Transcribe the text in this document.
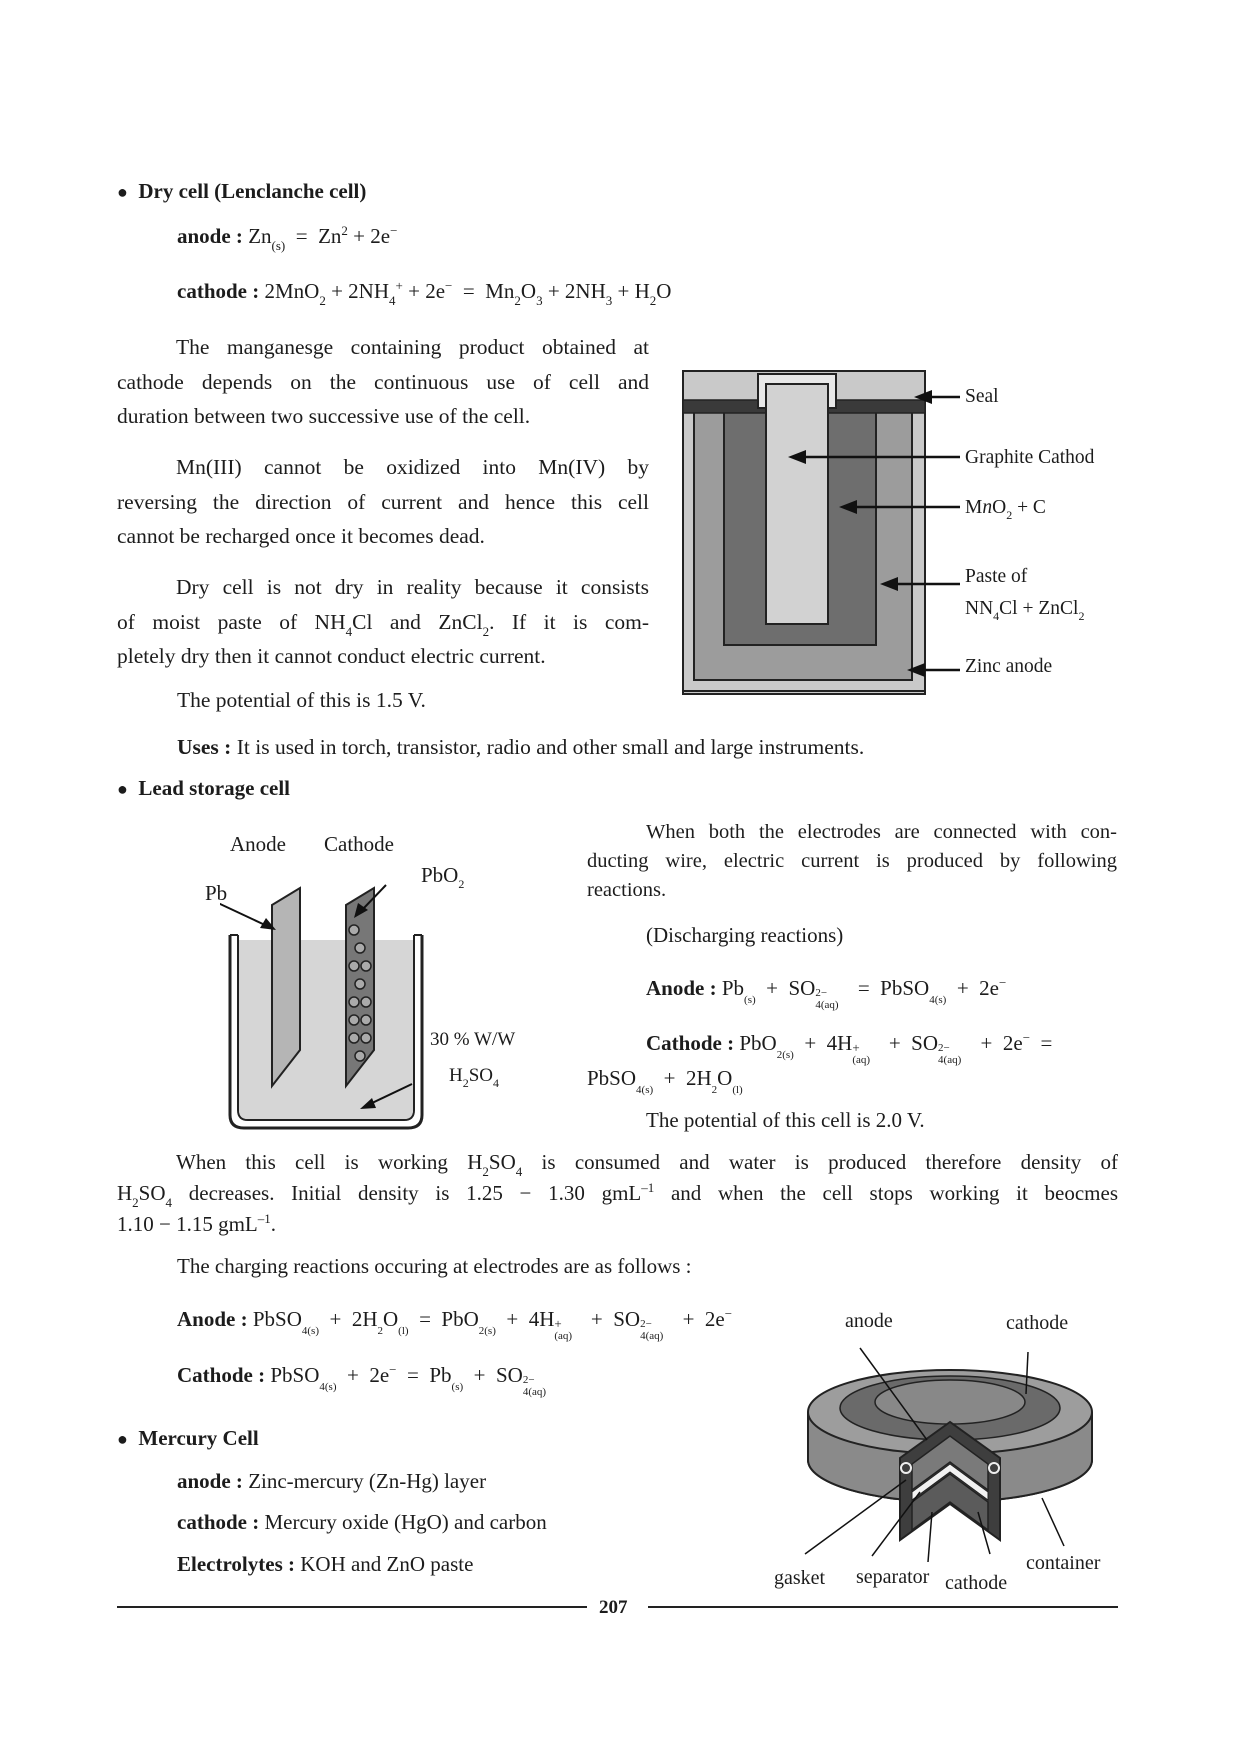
● Dry cell (Lenclanche cell)
anode : $Zn_{(s)} = Zn^2 + 2e^-$
cathode : $2MnO_2 + 2NH_4^+ + 2e^- = Mn_2O_3 + 2NH_3 + H_2O$
The manganesge containing product obtained at
cathode depends on the continuous use of cell and
duration between two successive use of the cell.
Mn(III) cannot be oxidized into Mn(IV) by
reversing the direction of current and hence this cell
cannot be recharged once it becomes dead.
Dry cell is not dry in reality because it consists
of moist paste of $NH_4Cl$ and ZnCl$_2$. If it is com-
pletely dry then it cannot conduct electric current.
The potential of this is 1.5 V.
Uses : It is used in torch, transistor, radio and other small and large instruments.
Seal
Graphite Cathod
MnO$_2$ + C
Paste of
$NN_4Cl$ + ZnCl$_2$
Zinc anode
● Lead storage cell
Anode Cathode
Pb
PbO$_2$
30 % W/W
$H_2SO_4$
When both the electrodes are connected with con-
ducting wire, electric current is produced by following
reactions.
(Discharging reactions)
Anode : $Pb_{(s)}$  +  SO 2−
4(aq)
=  PbSO$_{4(s)}$  +  2e−
Cathode : PbO$_{2(s)}$  +  4H +
(aq)
+  SO 2−
4(aq)
+  2e−  =
PbSO$_{4(s)}$  +  $2H_2O_{(l)}$
The potential of this cell is 2.0 V.
When this cell is working $H_2SO_4$ is consumed and water is produced therefore density of
$H_2SO_4$ decreases. Initial density is 1.25 − 1.30 gmL$^{-1}$ and when the cell stops working it beocmes
1.10 − 1.15 gmL$^{-1}$.
The charging reactions occuring at electrodes are as follows :
Anode : PbSO$_{4(s)}$  +  $2H_2O_{(l)} = PbO_{2(s)} + 4H$ +
(aq)
+  SO 2−
4(aq)
+  2e−
Cathode : PbSO$_{4(s)}$  +  $2e^- = Pb_{(s)}$  +  SO 2−
4(aq)
● Mercury Cell
anode : Zinc-mercury (Zn-Hg) layer
cathode : Mercury oxide (HgO) and carbon
Electrolytes : KOH and ZnO paste
anode	cathode
gasket separator cathode
container
207
